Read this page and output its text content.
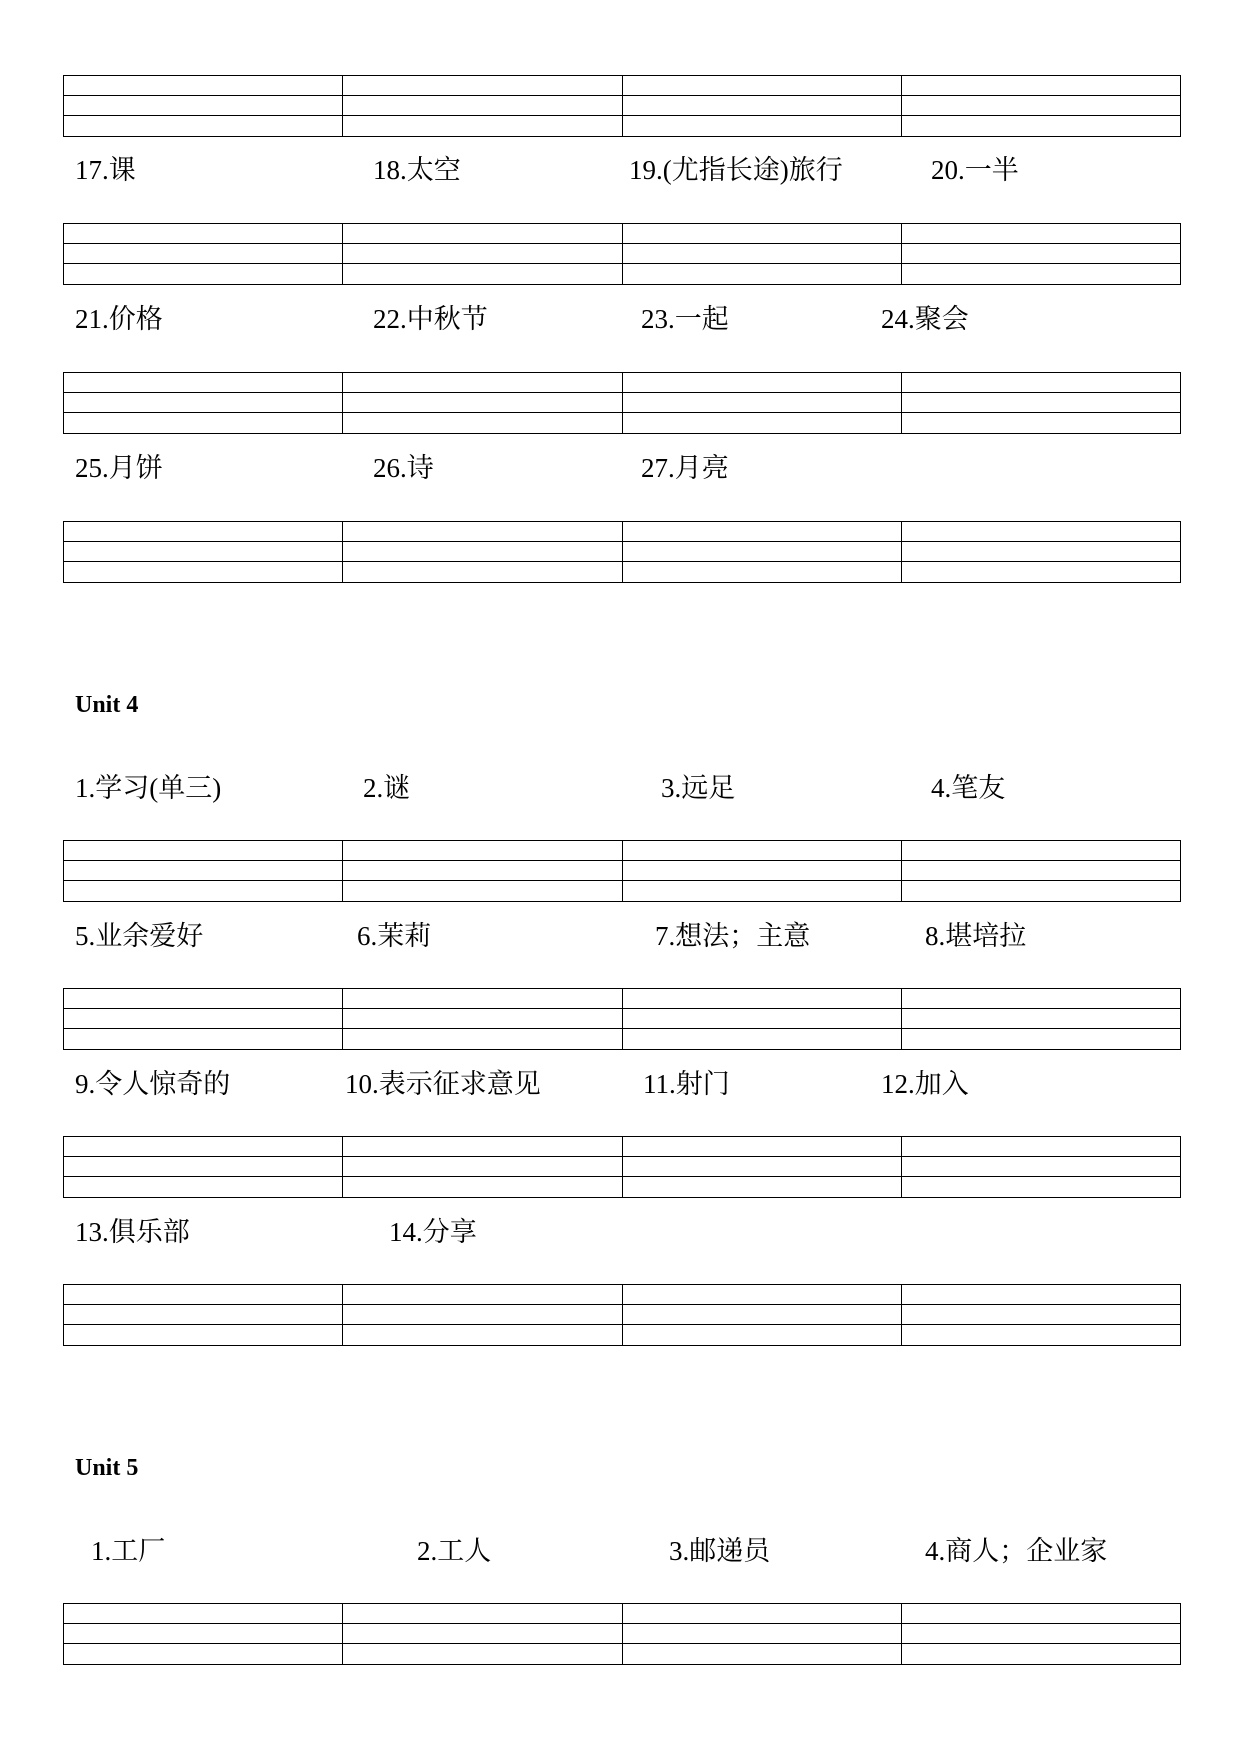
17.课	18.太空	19.(尤指长途)旅行	20.一半
21.价格	22.中秋节	23.一起	24.聚会
25.月饼	26.诗	27.月亮
Unit 4
1.学习(单三)	2.谜	3.远足	4.笔友
5.业余爱好	6.茉莉	7.想法；主意	8.堪培拉
9.令人惊奇的	10.表示征求意见	11.射门	12.加入
13.俱乐部	14.分享
Unit 5
1.工厂	2.工人	3.邮递员	4.商人；企业家
